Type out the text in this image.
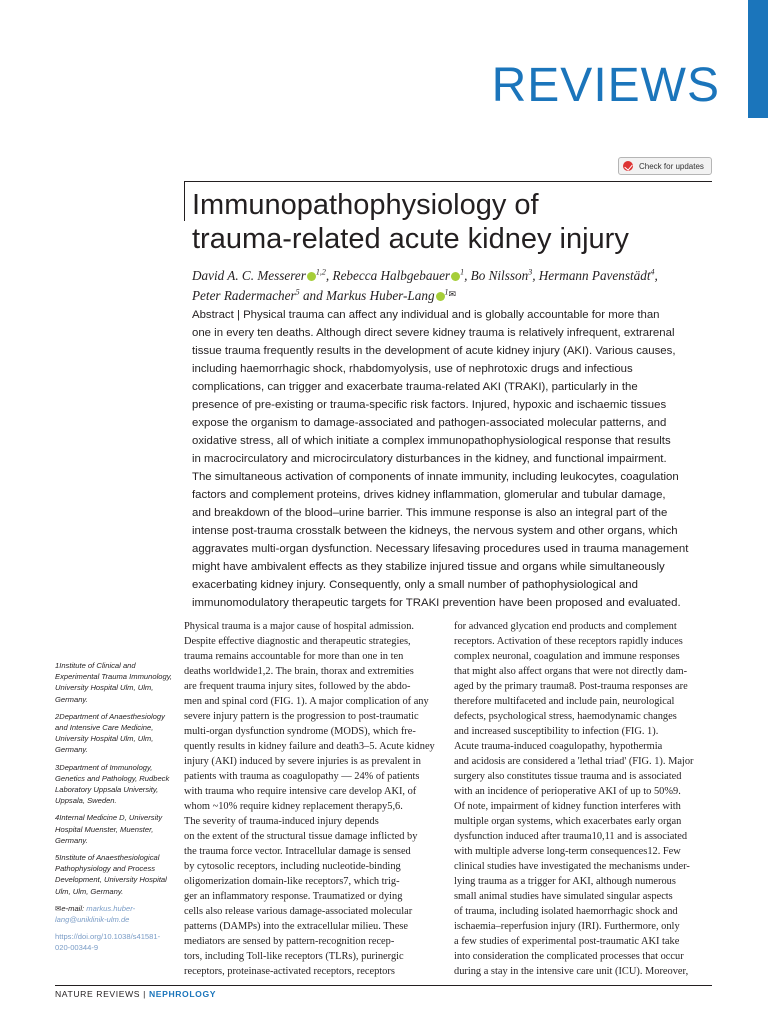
REVIEWS
Check for updates
Immunopathophysiology of
trauma-related acute kidney injury
David A. C. Messerer $^{1,2}$, Rebecca Halbgebauer $^1$, Bo Nilsson$^3$, Hermann Pavenstädt$^4$,
Peter Radermacher$^5$ and Markus Huber-Lang $^{1✉}$
Abstract | Physical trauma can affect any individual and is globally accountable for more than
one in every ten deaths. Although direct severe kidney trauma is relatively infrequent, extrarenal
tissue trauma frequently results in the development of acute kidney injury (AKI). Various causes,
including haemorrhagic shock, rhabdomyolysis, use of nephrotoxic drugs and infectious
complications, can trigger and exacerbate trauma-related AKI (TRAKI), particularly in the
presence of pre-existing or trauma-specific risk factors. Injured, hypoxic and ischaemic tissues
expose the organism to damage-associated and pathogen-associated molecular patterns, and
oxidative stress, all of which initiate a complex immunopathophysiological response that results
in macrocirculatory and microcirculatory disturbances in the kidney, and functional impairment.
The simultaneous activation of components of innate immunity, including leukocytes, coagulation
factors and complement proteins, drives kidney inflammation, glomerular and tubular damage,
and breakdown of the blood–urine barrier. This immune response is also an integral part of the
intense post-trauma crosstalk between the kidneys, the nervous system and other organs, which
aggravates multi-organ dysfunction. Necessary lifesaving procedures used in trauma management
might have ambivalent effects as they stabilize injured tissue and organs while simultaneously
exacerbating kidney injury. Consequently, only a small number of pathophysiological and
immunomodulatory therapeutic targets for TRAKI prevention have been proposed and evaluated.
Physical trauma is a major cause of hospital admission.
Despite effective diagnostic and therapeutic strategies,
trauma remains accountable for more than one in ten
deaths worldwide1,2. The brain, thorax and extremities
are frequent trauma injury sites, followed by the abdo-
men and spinal cord (FIG. 1). A major complication of any
severe injury pattern is the progression to post-traumatic
multi-organ dysfunction syndrome (MODS), which fre-
quently results in kidney failure and death3–5. Acute kidney
injury (AKI) induced by severe injuries is as prevalent in
patients with trauma as coagulopathy — 24% of patients
with trauma who require intensive care develop AKI, of
whom ~10% require kidney replacement therapy5,6.
The severity of trauma-induced injury depends
on the extent of the structural tissue damage inflicted by
the trauma force vector. Intracellular damage is sensed
by cytosolic receptors, including nucleotide-binding
oligomerization domain-like receptors7, which trig-
ger an inflammatory response. Traumatized or dying
cells also release various damage-associated molecular
patterns (DAMPs) into the extracellular milieu. These
mediators are sensed by pattern-recognition recep-
tors, including Toll-like receptors (TLRs), purinergic
receptors, proteinase-activated receptors, receptors
for advanced glycation end products and complement
receptors. Activation of these receptors rapidly induces
complex neuronal, coagulation and immune responses
that might also affect organs that were not directly dam-
aged by the primary trauma8. Post-trauma responses are
therefore multifaceted and include pain, neurological
defects, psychological stress, haemodynamic changes
and increased susceptibility to infection (FIG. 1).
Acute trauma-induced coagulopathy, hypothermia
and acidosis are considered a 'lethal triad' (FIG. 1). Major
surgery also constitutes tissue trauma and is associated
with an incidence of perioperative AKI of up to 50%9.
Of note, impairment of kidney function interferes with
multiple organ systems, which exacerbates early organ
dysfunction induced after trauma10,11 and is associated
with multiple adverse long-term consequences12. Few
clinical studies have investigated the mechanisms under-
lying trauma as a trigger for AKI, although numerous
small animal studies have simulated singular aspects
of trauma, including isolated haemorrhagic shock and
ischaemia–reperfusion injury (IRI). Furthermore, only
a few studies of experimental post-traumatic AKI take
into consideration the complicated processes that occur
during a stay in the intensive care unit (ICU). Moreover,

1Institute of Clinical and Experimental Trauma Immunology, University Hospital Ulm, Ulm, Germany.

2Department of Anaesthesiology and Intensive Care Medicine, University Hospital Ulm, Ulm, Germany.

3Department of Immunology, Genetics and Pathology, Rudbeck Laboratory Uppsala University, Uppsala, Sweden.

4Internal Medicine D, University Hospital Muenster, Muenster, Germany.

5Institute of Anaesthesiological Pathophysiology and Process Development, University Hospital Ulm, Ulm, Germany.

✉e-mail: markus.huber-lang@uniklinik-ulm.de

https://doi.org/10.1038/s41581-020-00344-9

NATURE REVIEWS | NEPHROLOGY
